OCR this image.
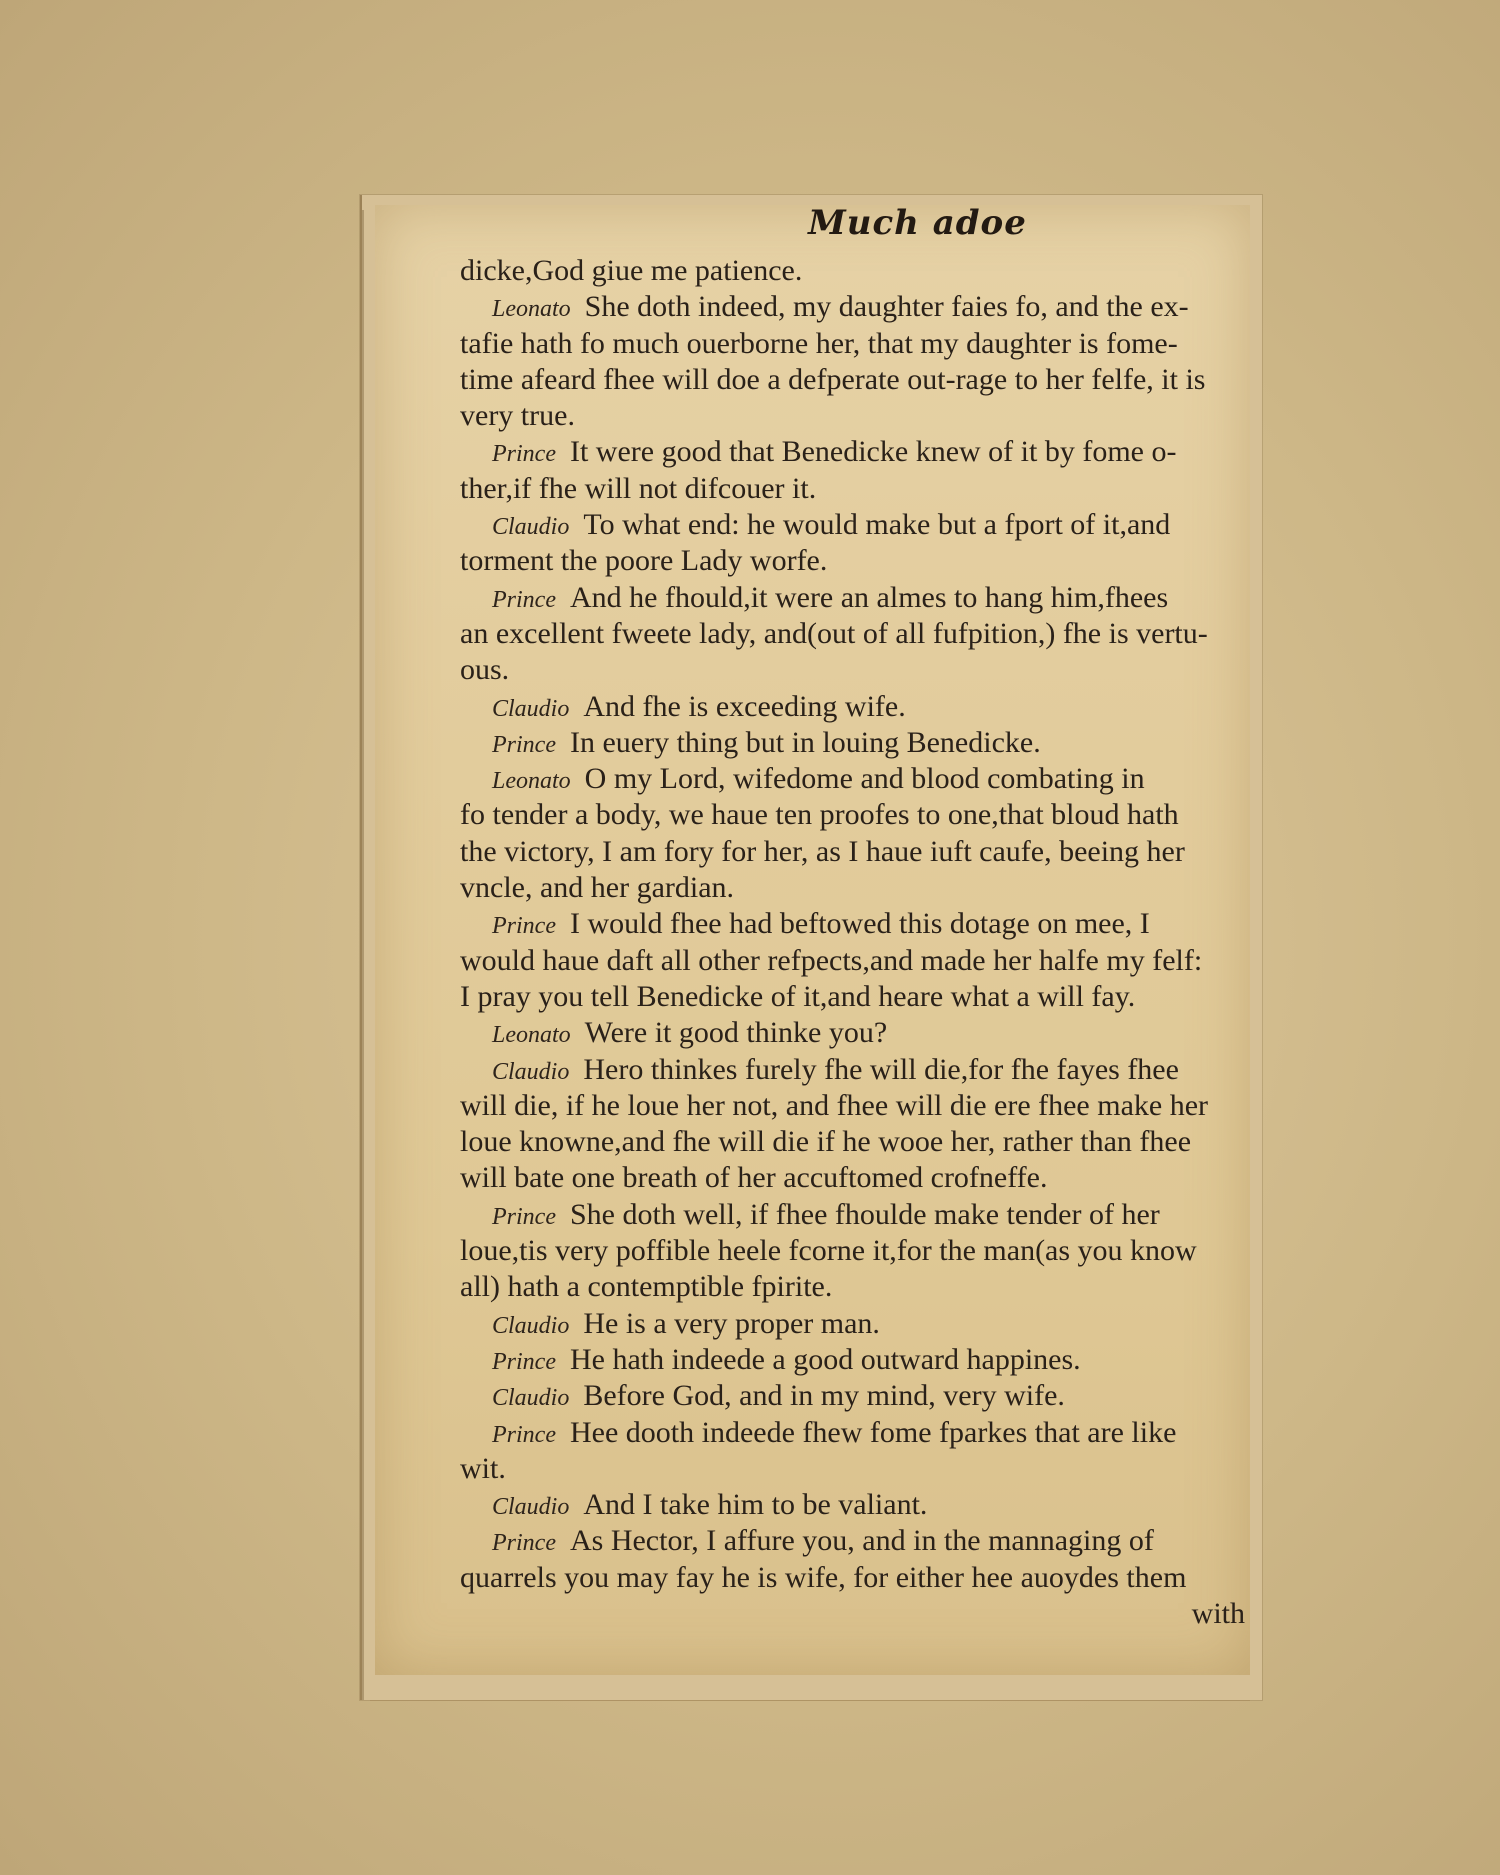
Much adoe
dicke,God giue me patience.
Leonato She doth indeed, my daughter faies fo, and the ex-
tafie hath fo much ouerborne her, that my daughter is fome-
time afeard fhee will doe a defperate out-rage to her felfe, it is
very true.
Prince It were good that Benedicke knew of it by fome o-
ther,if fhe will not difcouer it.
Claudio To what end: he would make but a fport of it,and
torment the poore Lady worfe.
Prince And he fhould,it were an almes to hang him,fhees
an excellent fweete lady, and(out of all fufpition,) fhe is vertu-
ous.
Claudio And fhe is exceeding wife.
Prince In euery thing but in louing Benedicke.
Leonato O my Lord, wifedome and blood combating in
fo tender a body, we haue ten proofes to one,that bloud hath
the victory, I am fory for her, as I haue iuft caufe, beeing her
vncle, and her gardian.
Prince I would fhee had beftowed this dotage on mee, I
would haue daft all other refpects,and made her halfe my felf:
I pray you tell Benedicke of it,and heare what a will fay.
Leonato Were it good thinke you?
Claudio Hero thinkes furely fhe will die,for fhe fayes fhee
will die, if he loue her not, and fhee will die ere fhee make her
loue knowne,and fhe will die if he wooe her, rather than fhee
will bate one breath of her accuftomed crofneffe.
Prince She doth well, if fhee fhoulde make tender of her
loue,tis very poffible heele fcorne it,for the man(as you know
all) hath a contemptible fpirite.
Claudio He is a very proper man.
Prince He hath indeede a good outward happines.
Claudio Before God, and in my mind, very wife.
Prince Hee dooth indeede fhew fome fparkes that are like
wit.
Claudio And I take him to be valiant.
Prince As Hector, I affure you, and in the mannaging of
quarrels you may fay he is wife, for either hee auoydes them
with
